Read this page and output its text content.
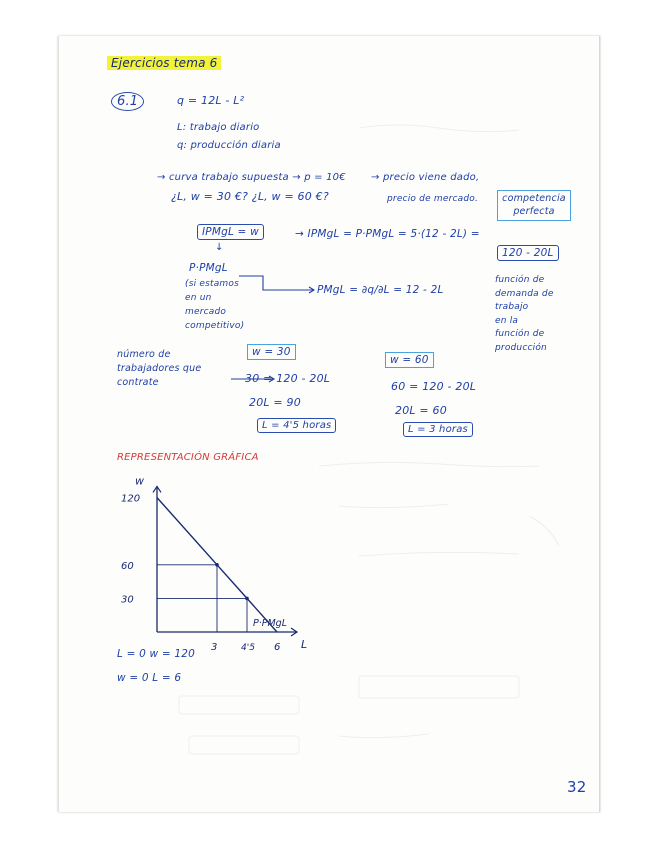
Ejercicios tema 6
6.1	q = 12L - L²
L: trabajo diario
q: producción diaria
→ curva trabajo supuesta → p = 10€	→ precio viene dado,
¿L, w = 30 €? ¿L, w = 60 €?	precio de mercado.	competencia perfecta
IPMgL = w
↓
→ IPMgL = P·PMgL = 5·(12 - 2L) =
120 - 20L
P·PMgL
(si estamos
en un
mercado
competitivo)
PMgL = ∂q/∂L = 12 - 2L
función de
demanda de
trabajo
en la
función de
producción
número de
trabajadores que
contrate
w = 30
30 = 120 - 20L
20L = 90
L = 4'5 horas
w = 60
60 = 120 - 20L
20L = 60
L = 3 horas
REPRESENTACIÓN GRÁFICA
w
L
120
60
30
3	4'5 6
P·PMgL
L = 0 w = 120
w = 0 L = 6
32
